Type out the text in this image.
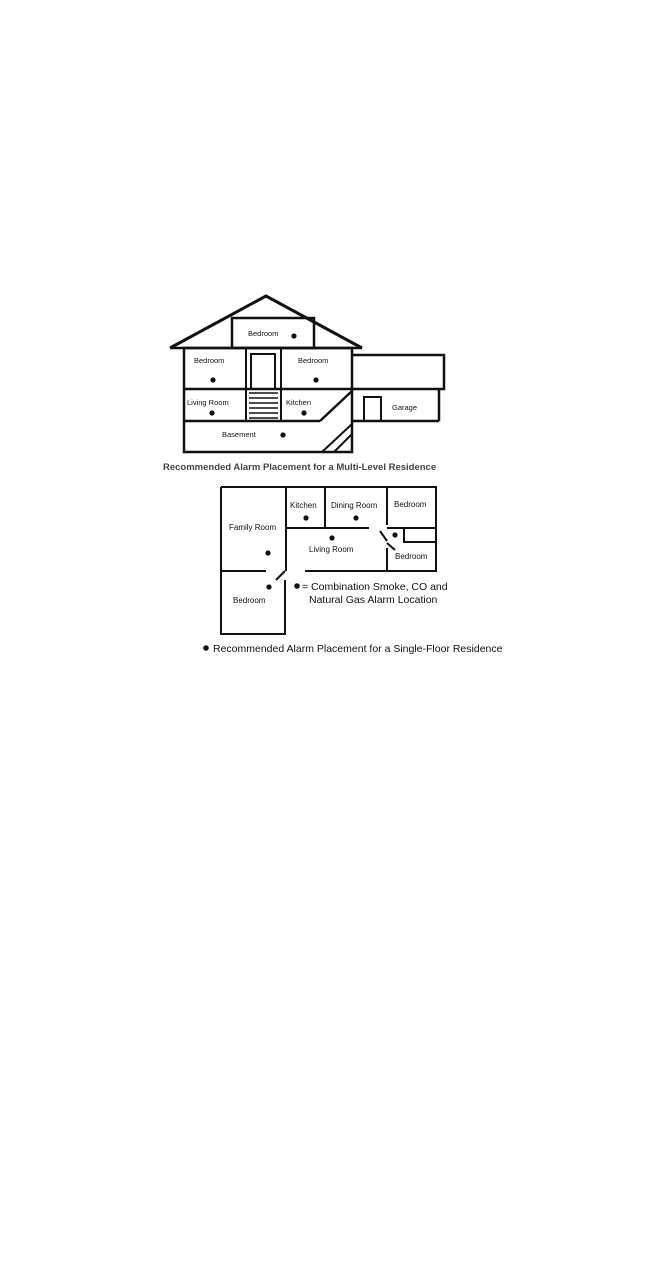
Bedroom
Bedroom	Bedroom
Living Room	Kitchen
Basement
Garage
Recommended Alarm Placement for a Multi-Level Residence
Kitchen Dining Room Bedroom
Family Room
Living Room
Bedroom
Bedroom
= Combination Smoke, CO and
Natural Gas Alarm Location
Recommended Alarm Placement for a Single-Floor Residence
